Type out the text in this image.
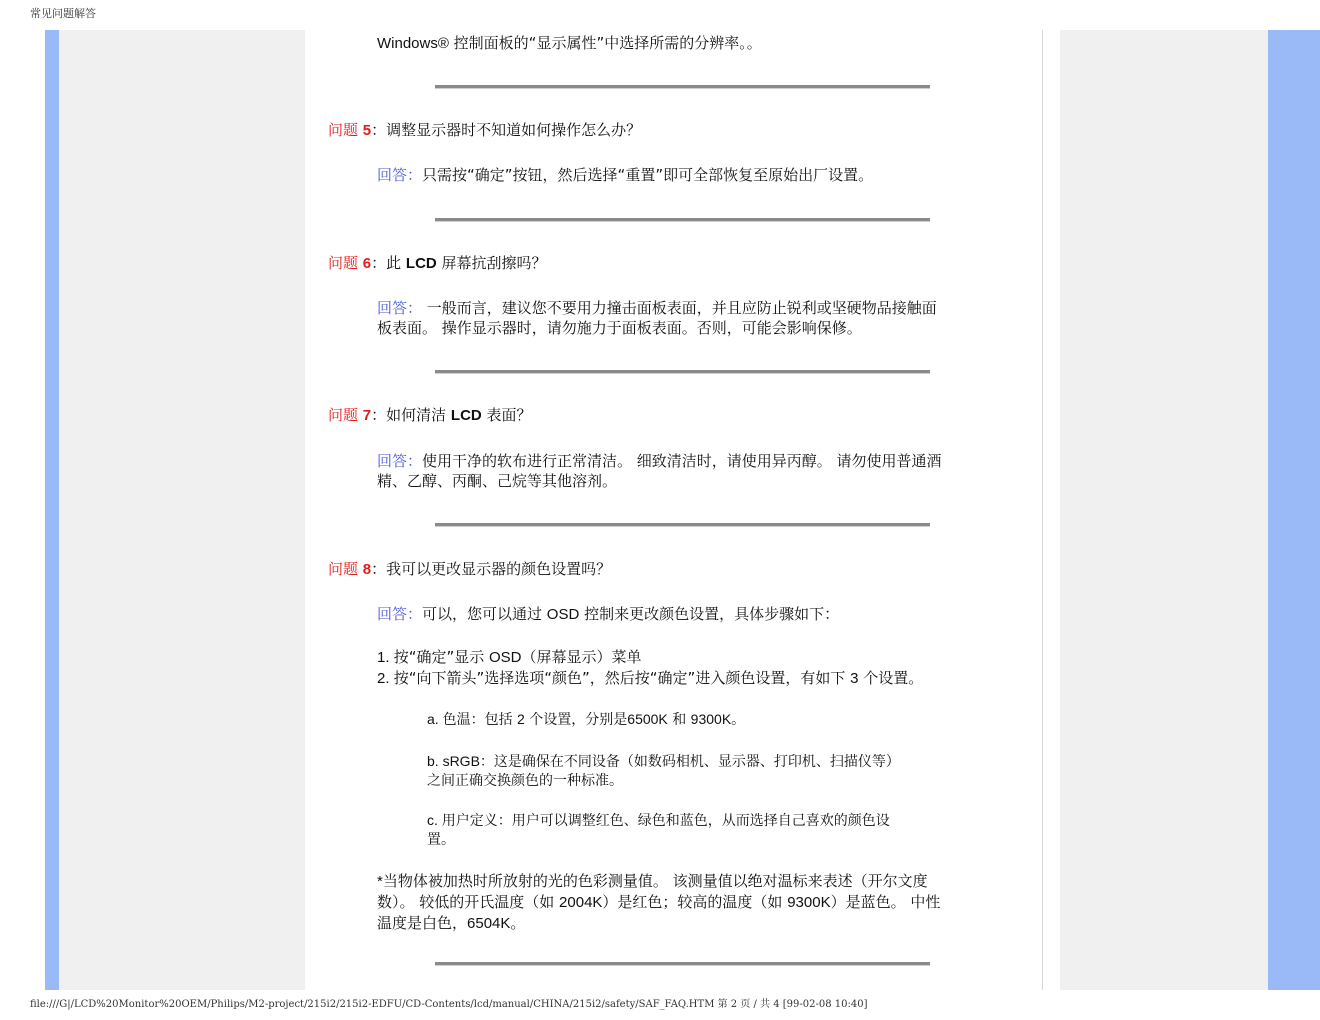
常见问题解答
Windows® 控制面板的“显示属性”中选择所需的分辨率。。
问题 5：调整显示器时不知道如何操作怎么办？
回答：只需按“确定”按钮，然后选择“重置”即可全部恢复至原始出厂设置。
问题 6：此 LCD 屏幕抗刮擦吗？
回答： 一般而言，建议您不要用力撞击面板表面，并且应防止锐利或坚硬物品接触面
板表面。 操作显示器时，请勿施力于面板表面。否则，可能会影响保修。
问题 7：如何清洁 LCD 表面？
回答：使用干净的软布进行正常清洁。 细致清洁时，请使用异丙醇。 请勿使用普通酒
精、乙醇、丙酮、己烷等其他溶剂。
问题 8：我可以更改显示器的颜色设置吗？
回答：可以，您可以通过 OSD 控制来更改颜色设置，具体步骤如下：
1. 按“确定”显示 OSD（屏幕显示）菜单
2. 按“向下箭头”选择选项“颜色”，然后按“确定”进入颜色设置，有如下 3 个设置。
a. 色温：包括 2 个设置，分别是6500K 和 9300K。
b. sRGB：这是确保在不同设备（如数码相机、显示器、打印机、扫描仪等）
之间正确交换颜色的一种标准。
c. 用户定义：用户可以调整红色、绿色和蓝色，从而选择自己喜欢的颜色设
置。
*当物体被加热时所放射的光的色彩测量值。 该测量值以绝对温标来表述（开尔文度
数）。 较低的开氏温度（如 2004K）是红色；较高的温度（如 9300K）是蓝色。 中性
温度是白色，6504K。
file:///G|/LCD%20Monitor%20OEM/Philips/M2-project/215i2/215i2-EDFU/CD-Contents/lcd/manual/CHINA/215i2/safety/SAF_FAQ.HTM 第 2 页 / 共 4 [99-02-08 10:40]
